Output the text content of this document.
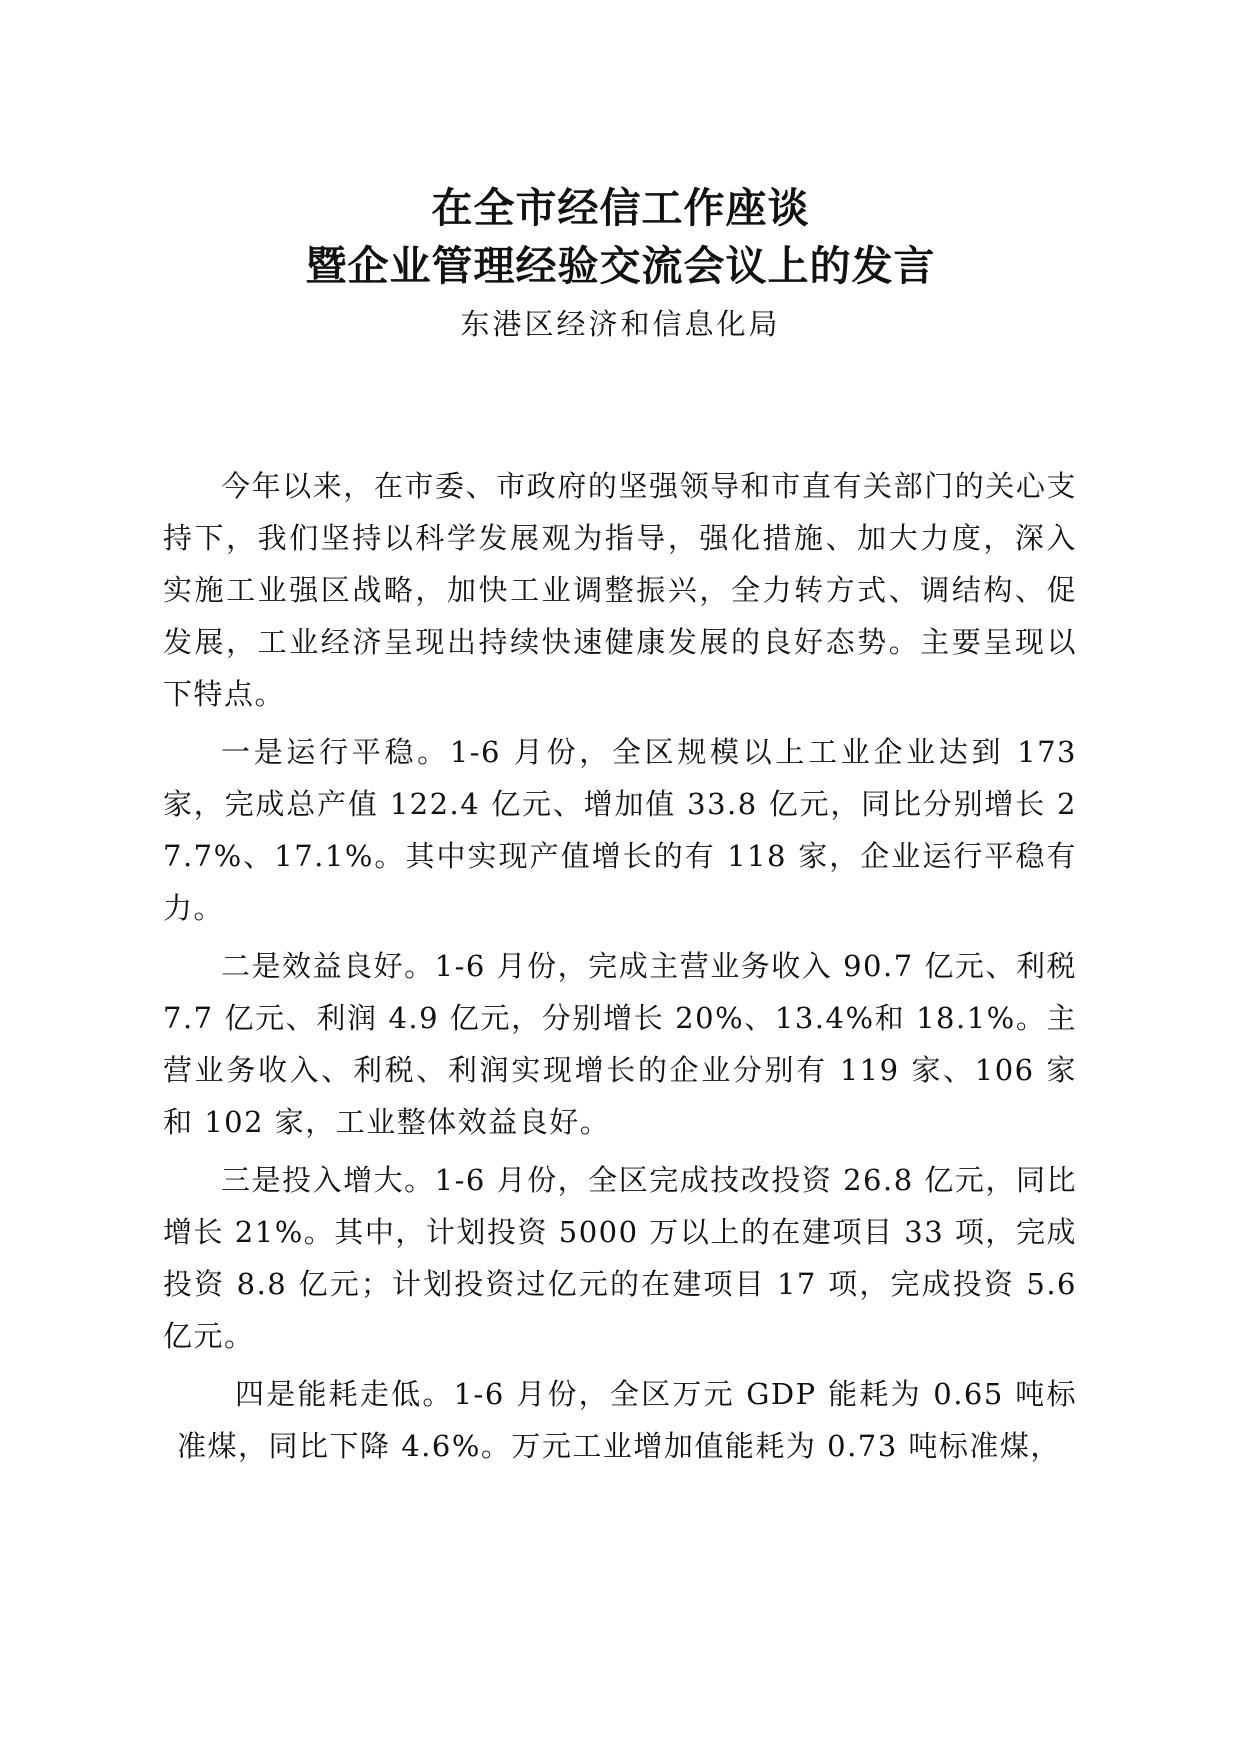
在全市经信工作座谈
暨企业管理经验交流会议上的发言

东港区经济和信息化局

今年以来，在市委、市政府的坚强领导和市直有关部门的关心支持下，我们坚持以科学发展观为指导，强化措施、加大力度，深入实施工业强区战略，加快工业调整振兴，全力转方式、调结构、促发展，工业经济呈现出持续快速健康发展的良好态势。主要呈现以下特点。

一是运行平稳。1-6 月份，全区规模以上工业企业达到 173 家，完成总产值 122.4 亿元、增加值 33.8 亿元，同比分别增长 27.7%、17.1%。其中实现产值增长的有 118 家，企业运行平稳有力。

二是效益良好。1-6 月份，完成主营业务收入 90.7 亿元、利税 7.7 亿元、利润 4.9 亿元，分别增长 20%、13.4%和 18.1%。主营业务收入、利税、利润实现增长的企业分别有 119 家、106 家和 102 家，工业整体效益良好。

三是投入增大。1-6 月份，全区完成技改投资 26.8 亿元，同比增长 21%。其中，计划投资 5000 万以上的在建项目 33 项，完成投资 8.8 亿元；计划投资过亿元的在建项目 17 项，完成投资 5.6 亿元。

四是能耗走低。1-6 月份，全区万元 GDP 能耗为 0.65 吨标准煤，同比下降 4.6%。万元工业增加值能耗为 0.73 吨标准煤，
